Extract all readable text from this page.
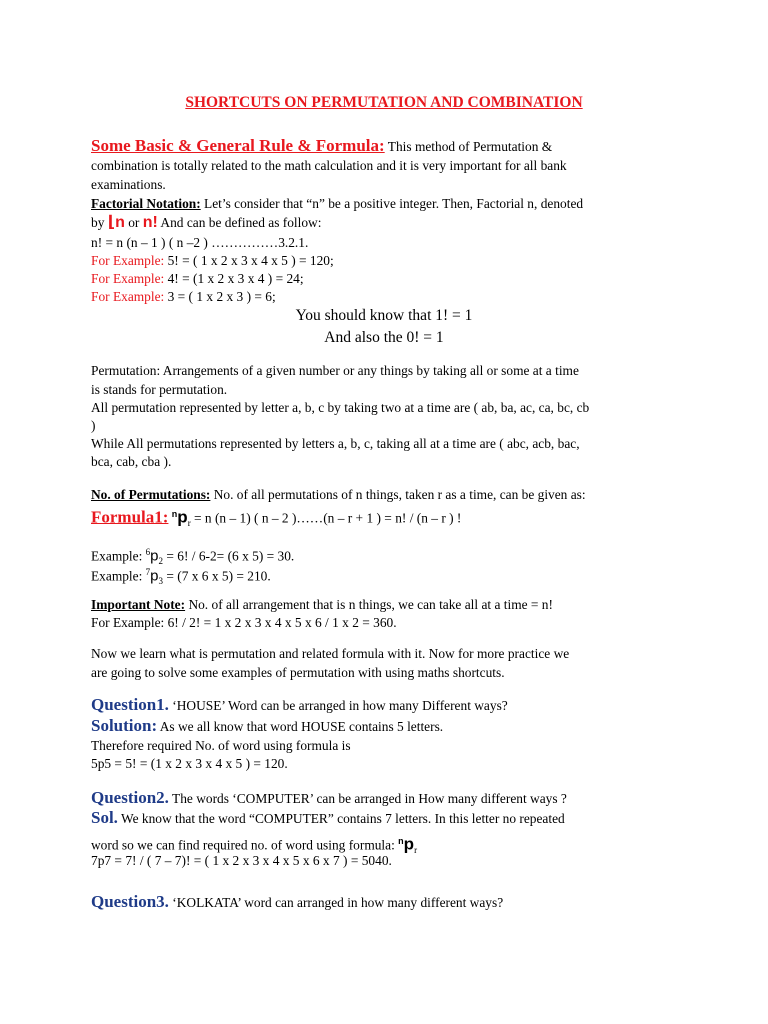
SHORTCUTS ON PERMUTATION AND COMBINATION
Some Basic & General Rule & Formula: This method of Permutation &
combination is totally related to the math calculation and it is very important for all bank
examinations.
Factorial Notation: Let’s consider that “n” be a positive integer. Then, Factorial n, denoted
by ⌊n or n! And can be defined as follow:
n! = n (n – 1 ) ( n –2 ) ……………3.2.1.
For Example: 5! = ( 1 x 2 x 3 x 4 x 5 ) = 120;
For Example: 4! = (1 x 2 x 3 x 4 ) = 24;
For Example: 3 = ( 1 x 2 x 3 ) = 6;
You should know that 1! = 1
And also the 0! = 1
Permutation: Arrangements of a given number or any things by taking all or some at a time
is stands for permutation.
All permutation represented by letter a, b, c by taking two at a time are ( ab, ba, ac, ca, bc, cb
)
While All permutations represented by letters a, b, c, taking all at a time are ( abc, acb, bac,
bca, cab, cba ).
No. of Permutations: No. of all permutations of n things, taken r as a time, can be given as:
Formula1: $^np_r = n$ (n – 1) ( n – 2 )……(n – r + 1 ) = n! / (n – r ) !
Example: $^6p_2 = 6$! / 6-2= (6 x 5) = 30.
Example: $^7p_3 = (7$ x 6 x 5) = 210.
Important Note: No. of all arrangement that is n things, we can take all at a time = n!
For Example: 6! / 2! = 1 x 2 x 3 x 4 x 5 x 6 / 1 x 2 = 360.
Now we learn what is permutation and related formula with it. Now for more practice we
are going to solve some examples of permutation with using maths shortcuts.
Question1. ‘HOUSE’ Word can be arranged in how many Different ways?
Solution: As we all know that word HOUSE contains 5 letters.
Therefore required No. of word using formula is
5p5 = 5! = (1 x 2 x 3 x 4 x 5 ) = 120.
Question2. The words ‘COMPUTER’ can be arranged in How many different ways ?
Sol. We know that the word “COMPUTER” contains 7 letters. In this letter no repeated
word so we can find required no. of word using formula: $^np_r$
7p7 = 7! / ( 7 – 7)! = ( 1 x 2 x 3 x 4 x 5 x 6 x 7 ) = 5040.
Question3. ‘KOLKATA’ word can arranged in how many different ways?
